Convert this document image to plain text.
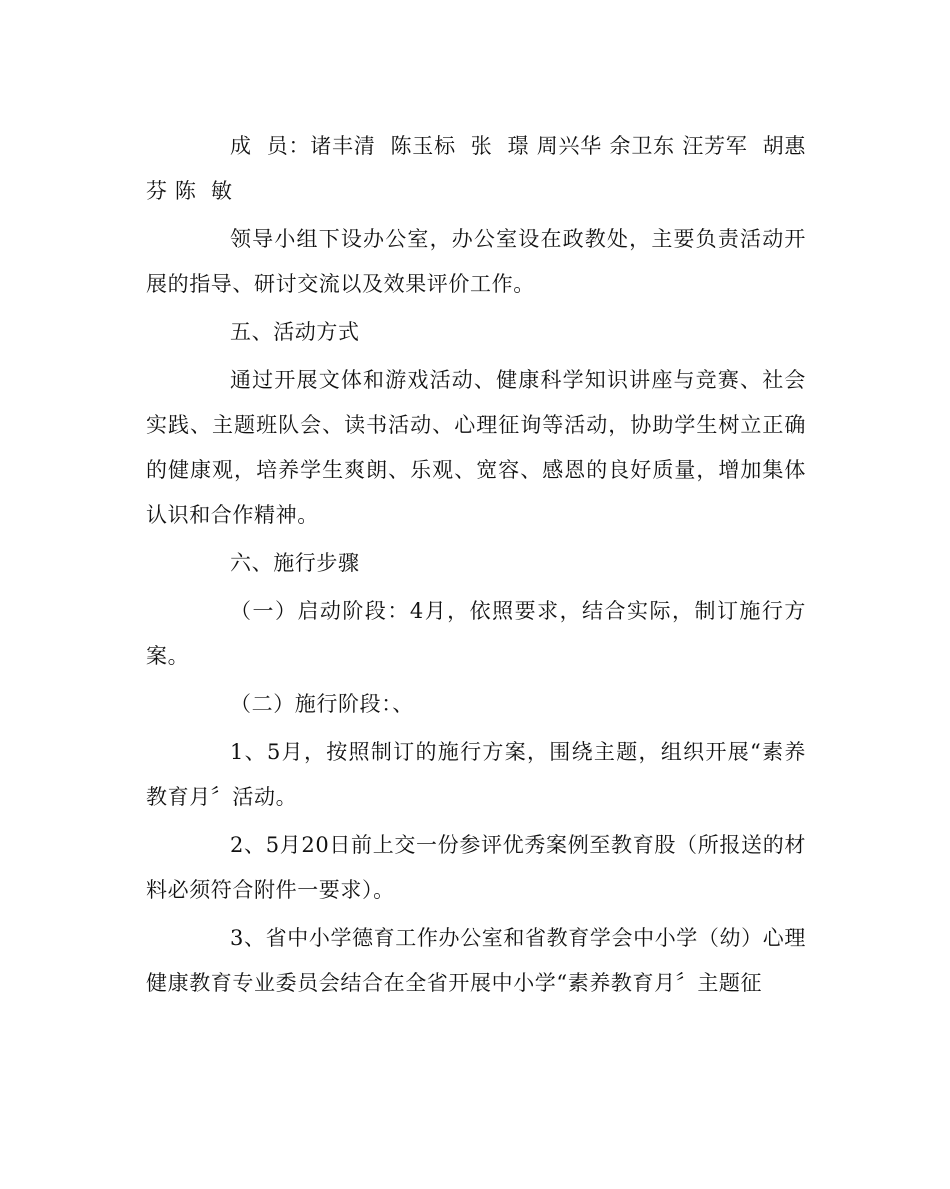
成  员：诸丰清  陈玉标  张  璟 周兴华 余卫东 汪芳军  胡惠芬 陈  敏

领导小组下设办公室，办公室设在政教处，主要负责活动开展的指导、研讨交流以及效果评价工作。

五、活动方式

通过开展文体和游戏活动、健康科学知识讲座与竞赛、社会实践、主题班队会、读书活动、心理征询等活动，协助学生树立正确的健康观，培养学生爽朗、乐观、宽容、感恩的良好质量，增加集体认识和合作精神。

六、施行步骤

（一）启动阶段：4月，依照要求，结合实际，制订施行方案。

（二）施行阶段：、

1、5月，按照制订的施行方案，围绕主题，组织开展“素养教育月〞活动。

2、5月20日前上交一份参评优秀案例至教育股（所报送的材料必须符合附件一要求）。

3、省中小学德育工作办公室和省教育学会中小学（幼）心理健康教育专业委员会结合在全省开展中小学“素养教育月〞主题征
